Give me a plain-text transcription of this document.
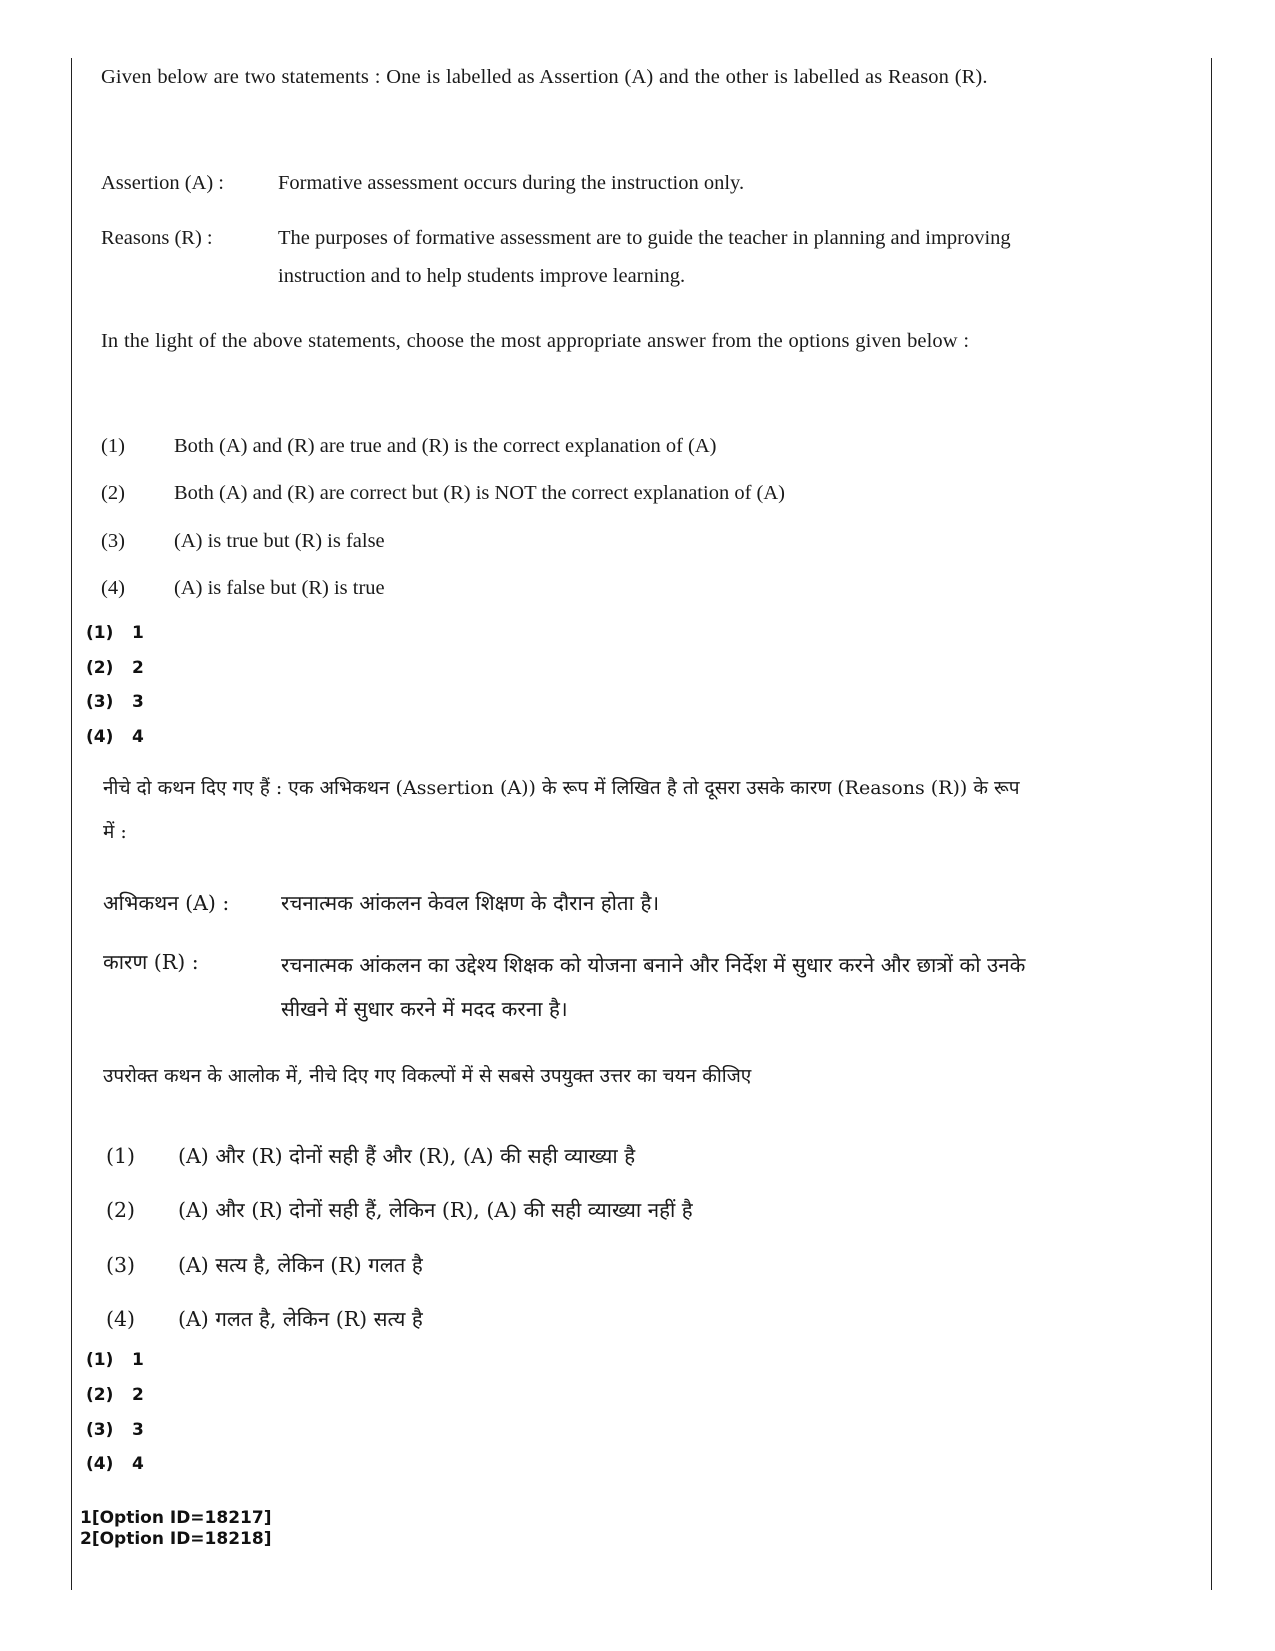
Given below are two statements : One is labelled as Assertion (A) and the other is labelled as Reason (R).
Assertion (A) :	Formative assessment occurs during the instruction only.
Reasons (R) :	The purposes of formative assessment are to guide the teacher in planning and improving instruction and to help students improve learning.
In the light of the above statements, choose the most appropriate answer from the options given below :
(1) Both (A) and (R) are true and (R) is the correct explanation of (A)
(2) Both (A) and (R) are correct but (R) is NOT the correct explanation of (A)
(3) (A) is true but (R) is false
(4) (A) is false but (R) is true
(1) 1
(2) 2
(3) 3
(4) 4
नीचे दो कथन दिए गए हैं : एक अभिकथन (Assertion (A)) के रूप में लिखित है तो दूसरा उसके कारण (Reasons (R)) के रूप में :
अभिकथन (A) :	रचनात्मक आंकलन केवल शिक्षण के दौरान होता है।
कारण (R) :	रचनात्मक आंकलन का उद्देश्य शिक्षक को योजना बनाने और निर्देश में सुधार करने और छात्रों को उनके सीखने में सुधार करने में मदद करना है।
उपरोक्त कथन के आलोक में, नीचे दिए गए विकल्पों में से सबसे उपयुक्त उत्तर का चयन कीजिए
(1) (A) और (R) दोनों सही हैं और (R), (A) की सही व्याख्या है
(2) (A) और (R) दोनों सही हैं, लेकिन (R), (A) की सही व्याख्या नहीं है
(3) (A) सत्य है, लेकिन (R) गलत है
(4) (A) गलत है, लेकिन (R) सत्य है
(1) 1
(2) 2
(3) 3
(4) 4
1[Option ID=18217]
2[Option ID=18218]
